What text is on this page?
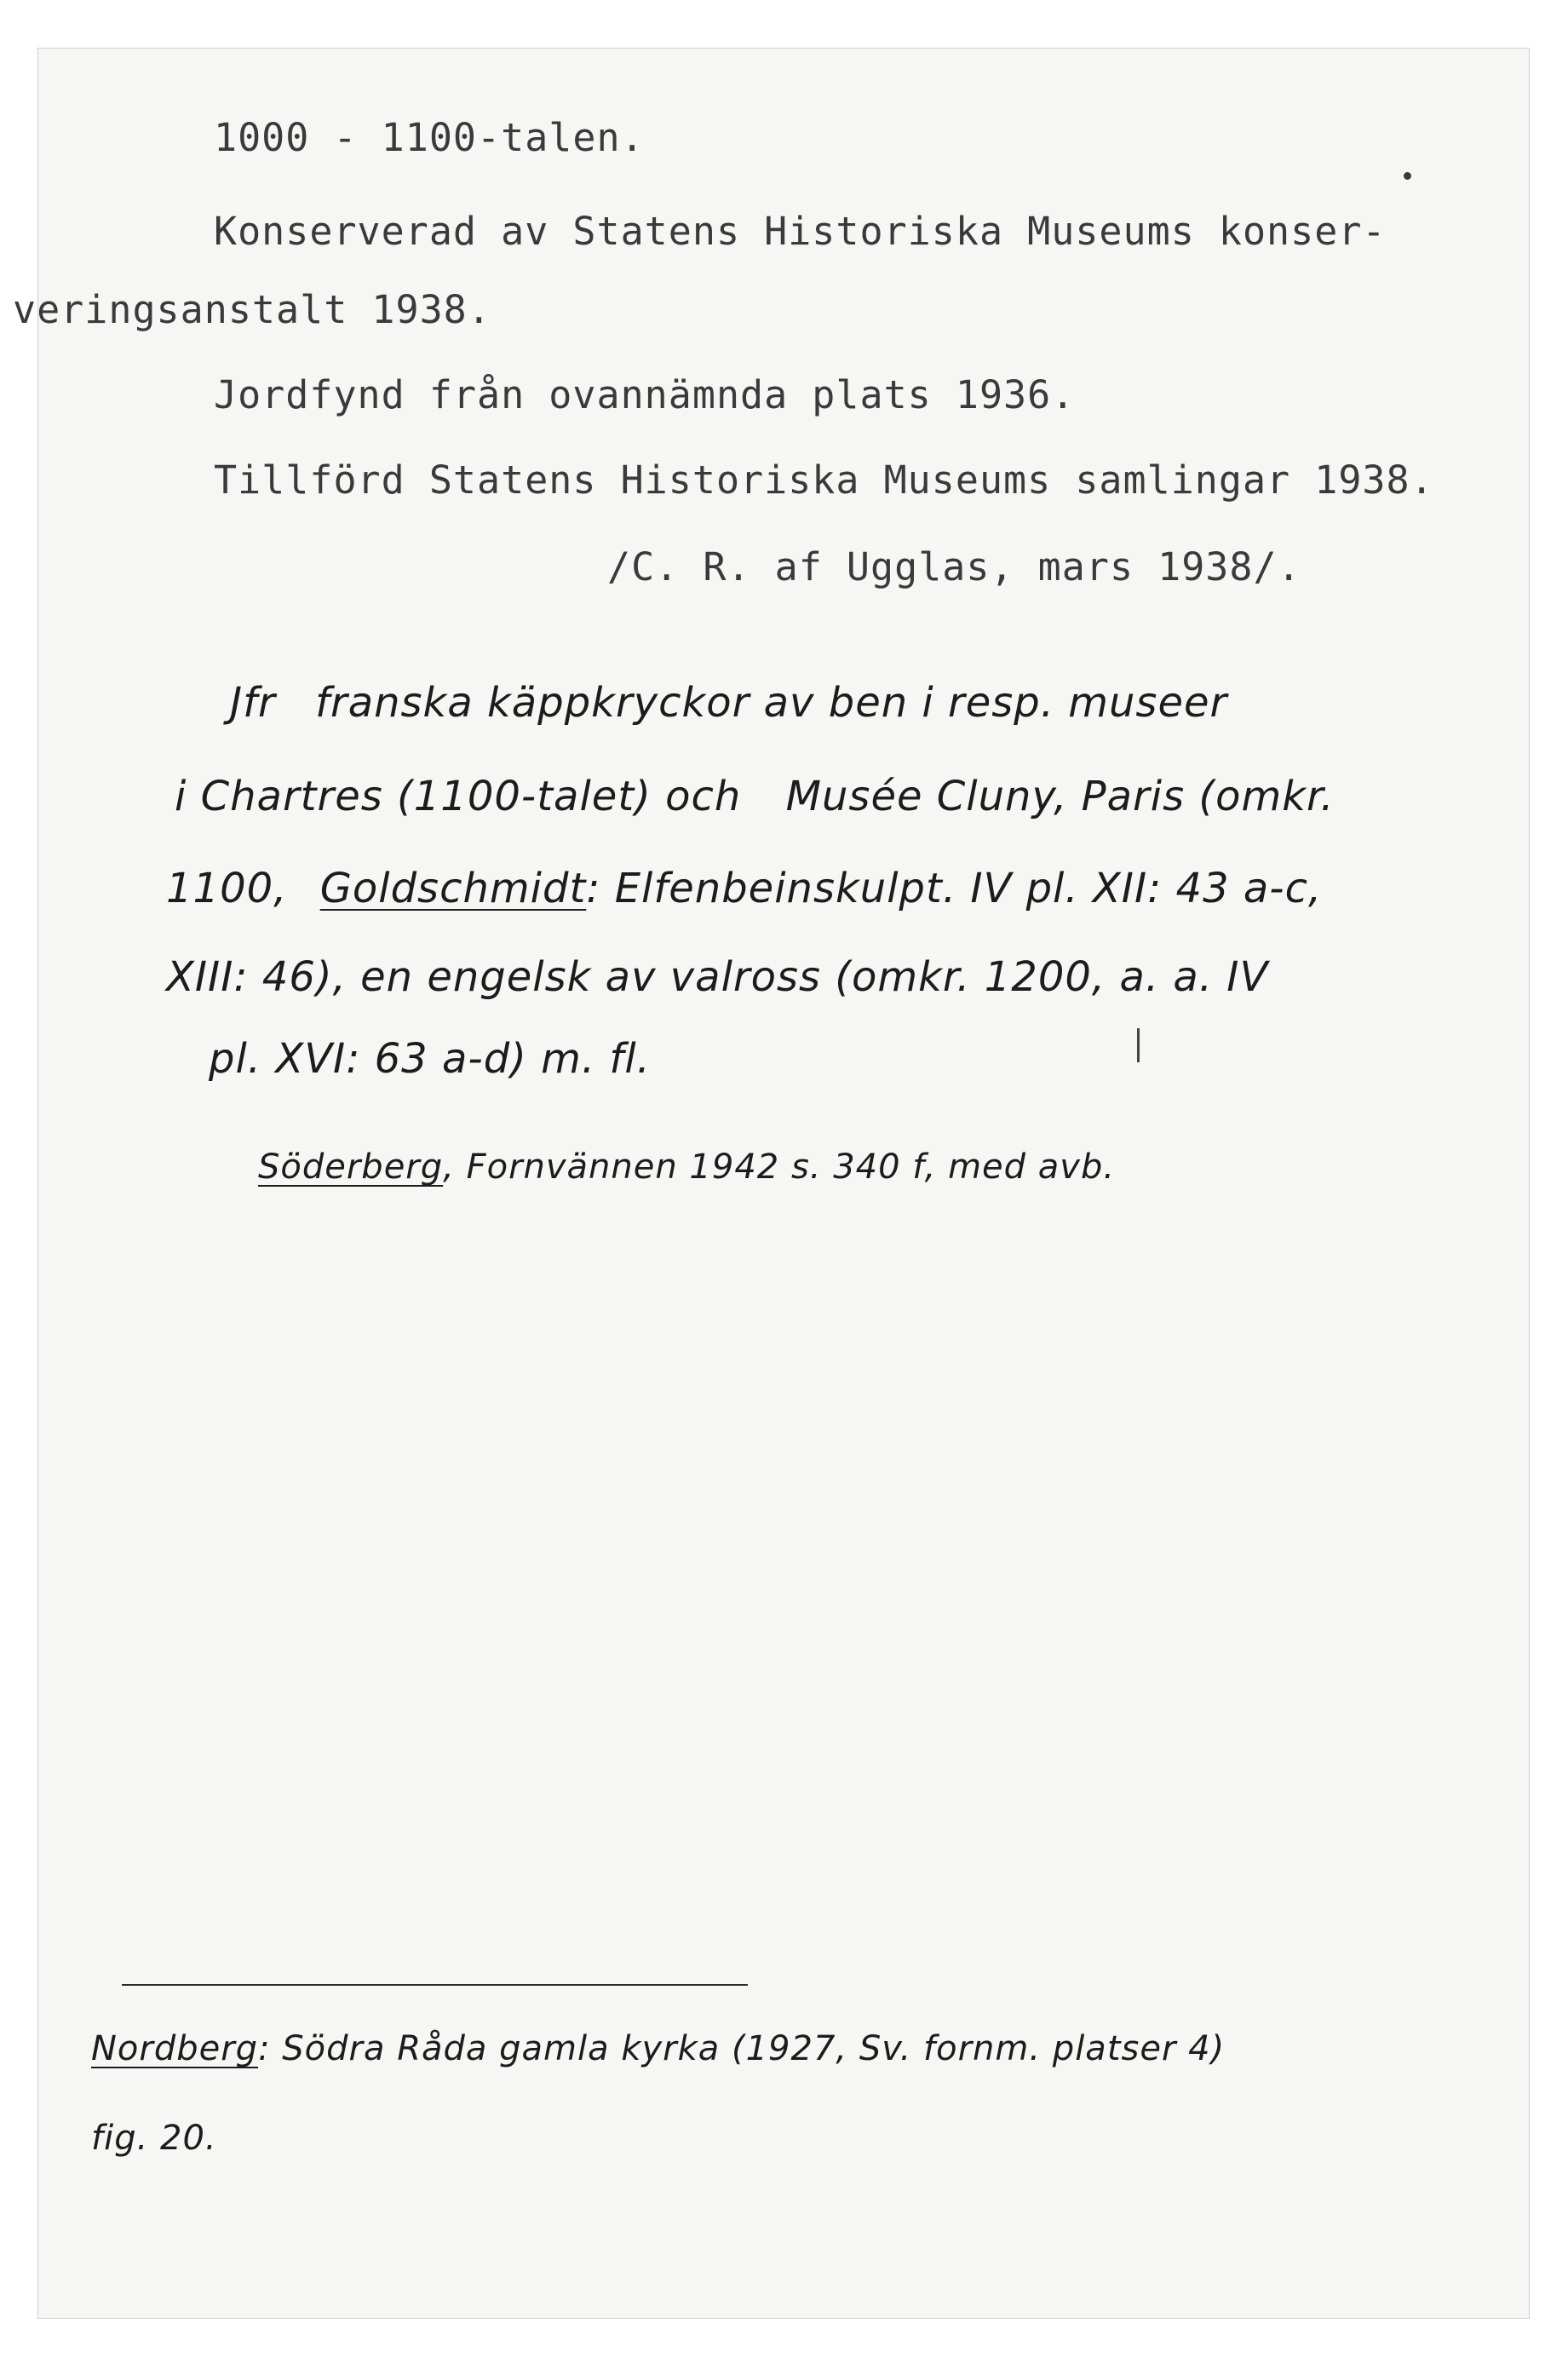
1000 - 1100-talen.
Konserverad av Statens Historiska Museums konser-
veringsanstalt 1938.
Jordfynd från ovannämnda plats 1936.
Tillförd Statens Historiska Museums samlingar 1938.
/C. R. af Ugglas, mars 1938/.
Jfr franska käppkryckor av ben i resp. museer
i Chartres (1100-talet) och Musée Cluny, Paris (omkr.
1100, Goldschmidt: Elfenbeinskulpt. IV pl. XII: 43 a-c,
XIII: 46), en engelsk av valross (omkr. 1200, a. a. IV
pl. XVI: 63 a-d) m. fl.
Söderberg, Fornvännen 1942 s. 340 f, med avb.
Nordberg: Södra Råda gamla kyrka (1927, Sv. fornm. platser 4)
fig. 20.
